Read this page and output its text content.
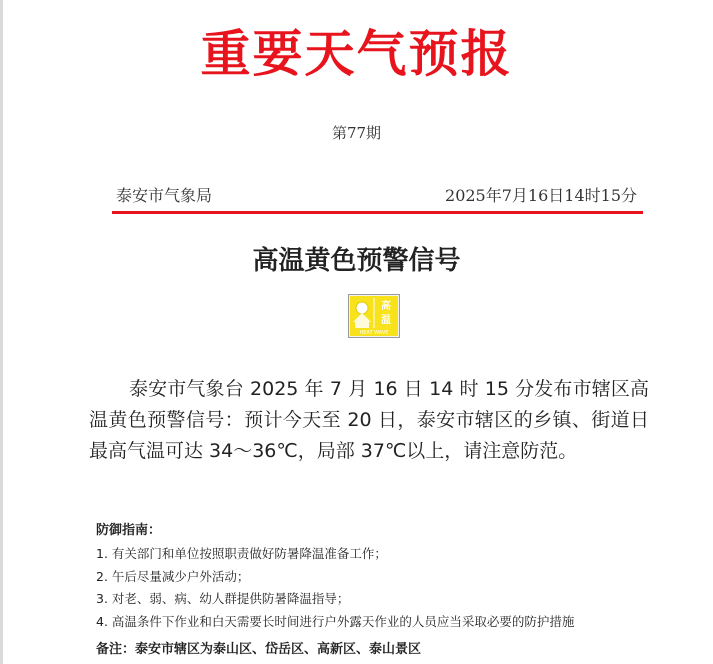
重要天气预报
第77期
泰安市气象局	2025年7月16日14时15分
高温黄色预警信号
高
温
HEAT WAVE
泰安市气象台 2025 年 7 月 16 日 14 时 15 分发布市辖区高温黄色预警信号：预计今天至 20 日，泰安市辖区的乡镇、街道日最高气温可达 34～36℃，局部 37℃以上，请注意防范。
防御指南：
1. 有关部门和单位按照职责做好防暑降温准备工作；
2. 午后尽量减少户外活动；
3. 对老、弱、病、幼人群提供防暑降温指导；
4. 高温条件下作业和白天需要长时间进行户外露天作业的人员应当采取必要的防护措施
备注：泰安市辖区为泰山区、岱岳区、高新区、泰山景区
